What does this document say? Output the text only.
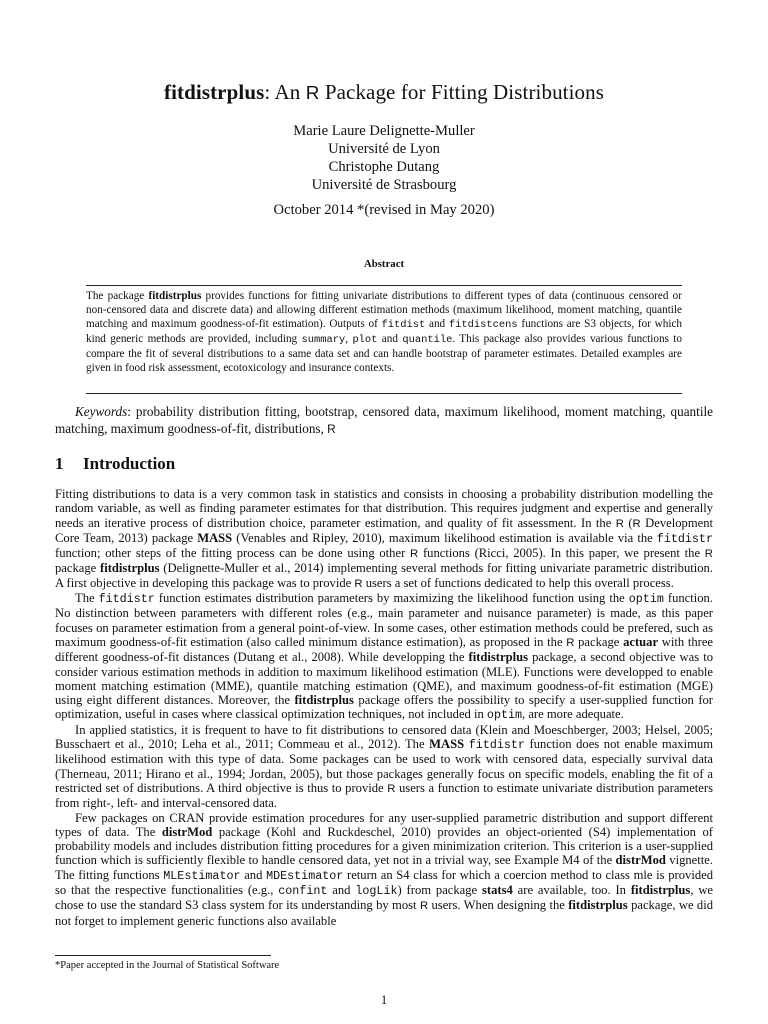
fitdistrplus: An R Package for Fitting Distributions
Marie Laure Delignette-Muller
Université de Lyon
Christophe Dutang
Université de Strasbourg
October 2014 *(revised in May 2020)
Abstract
The package fitdistrplus provides functions for fitting univariate distributions to different types of data (continuous censored or non-censored data and discrete data) and allowing different estimation methods (maximum likelihood, moment matching, quantile matching and maximum goodness-of-fit estimation). Outputs of fitdist and fitdistcens functions are S3 objects, for which kind generic methods are provided, including summary, plot and quantile. This package also provides various functions to compare the fit of several distributions to a same data set and can handle bootstrap of parameter estimates. Detailed examples are given in food risk assessment, ecotoxicology and insurance contexts.
Keywords: probability distribution fitting, bootstrap, censored data, maximum likelihood, moment matching, quantile matching, maximum goodness-of-fit, distributions, R
1 Introduction

Fitting distributions to data is a very common task in statistics and consists in choosing a probability distribution modelling the random variable, as well as finding parameter estimates for that distribution. This requires judgment and expertise and generally needs an iterative process of distribution choice, parameter estimation, and quality of fit assessment. In the R (R Development Core Team, 2013) package MASS (Venables and Ripley, 2010), maximum likelihood estimation is available via the fitdistr function; other steps of the fitting process can be done using other R functions (Ricci, 2005). In this paper, we present the R package fitdistrplus (Delignette-Muller et al., 2014) implementing several methods for fitting univariate parametric distribution. A first objective in developing this package was to provide R users a set of functions dedicated to help this overall process.

The fitdistr function estimates distribution parameters by maximizing the likelihood function using the optim function. No distinction between parameters with different roles (e.g., main parameter and nuisance parameter) is made, as this paper focuses on parameter estimation from a general point-of-view. In some cases, other estimation methods could be prefered, such as maximum goodness-of-fit estimation (also called minimum distance estimation), as proposed in the R package actuar with three different goodness-of-fit distances (Dutang et al., 2008). While developping the fitdistrplus package, a second objective was to consider various estimation methods in addition to maximum likelihood estimation (MLE). Functions were developped to enable moment matching estimation (MME), quantile matching estimation (QME), and maximum goodness-of-fit estimation (MGE) using eight different distances. Moreover, the fitdistrplus package offers the possibility to specify a user-supplied function for optimization, useful in cases where classical optimization techniques, not included in optim, are more adequate.

In applied statistics, it is frequent to have to fit distributions to censored data (Klein and Moeschberger, 2003; Helsel, 2005; Busschaert et al., 2010; Leha et al., 2011; Commeau et al., 2012). The MASS fitdistr function does not enable maximum likelihood estimation with this type of data. Some packages can be used to work with censored data, especially survival data (Therneau, 2011; Hirano et al., 1994; Jordan, 2005), but those packages generally focus on specific models, enabling the fit of a restricted set of distributions. A third objective is thus to provide R users a function to estimate univariate distribution parameters from right-, left- and interval-censored data.

Few packages on CRAN provide estimation procedures for any user-supplied parametric distribution and support different types of data. The distrMod package (Kohl and Ruckdeschel, 2010) provides an object-oriented (S4) implementation of probability models and includes distribution fitting procedures for a given minimization criterion. This criterion is a user-supplied function which is sufficiently flexible to handle censored data, yet not in a trivial way, see Example M4 of the distrMod vignette. The fitting functions MLEstimator and MDEstimator return an S4 class for which a coercion method to class mle is provided so that the respective functionalities (e.g., confint and logLik) from package stats4 are available, too. In fitdistrplus, we chose to use the standard S3 class system for its understanding by most R users. When designing the fitdistrplus package, we did not forget to implement generic functions also available

*Paper accepted in the Journal of Statistical Software
1
